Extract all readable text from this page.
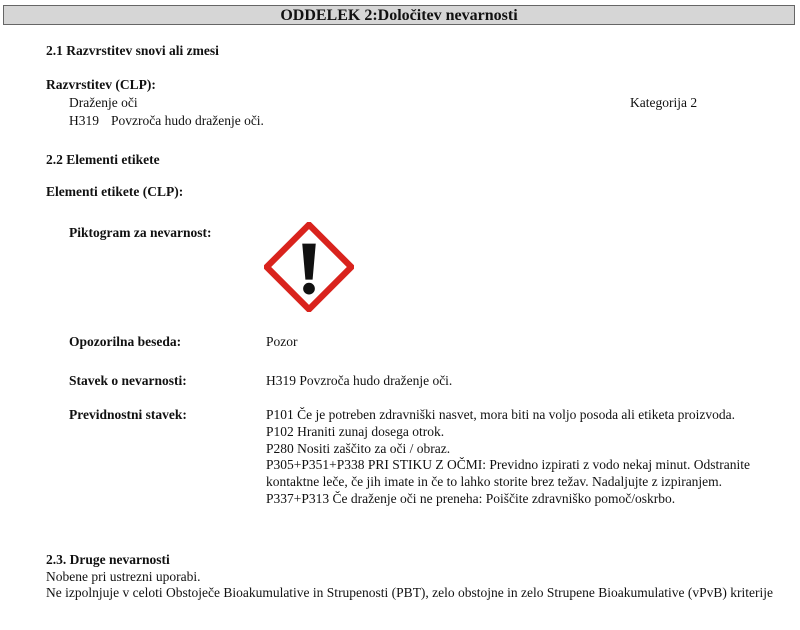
ODDELEK 2:Določitev nevarnosti
2.1 Razvrstitev snovi ali zmesi
Razvrstitev (CLP):
Draženje oči	Kategorija 2
H319 Povzroča hudo draženje oči.
2.2 Elementi etikete
Elementi etikete (CLP):
Piktogram za nevarnost:
Opozorilna beseda:	Pozor
Stavek o nevarnosti:	H319 Povzroča hudo draženje oči.
Previdnostni stavek:	P101 Če je potreben zdravniški nasvet, mora biti na voljo posoda ali etiketa proizvoda.
P102 Hraniti zunaj dosega otrok.
P280 Nositi zaščito za oči / obraz.
P305+P351+P338 PRI STIKU Z OČMI: Previdno izpirati z vodo nekaj minut. Odstranite kontaktne leče, če jih imate in če to lahko storite brez težav. Nadaljujte z izpiranjem.
P337+P313 Če draženje oči ne preneha: Poiščite zdravniško pomoč/oskrbo.
2.3. Druge nevarnosti
Nobene pri ustrezni uporabi.
Ne izpolnjuje v celoti Obstoječe Bioakumulative in Strupenosti (PBT), zelo obstojne in zelo Strupene Bioakumulative (vPvB) kriterije
